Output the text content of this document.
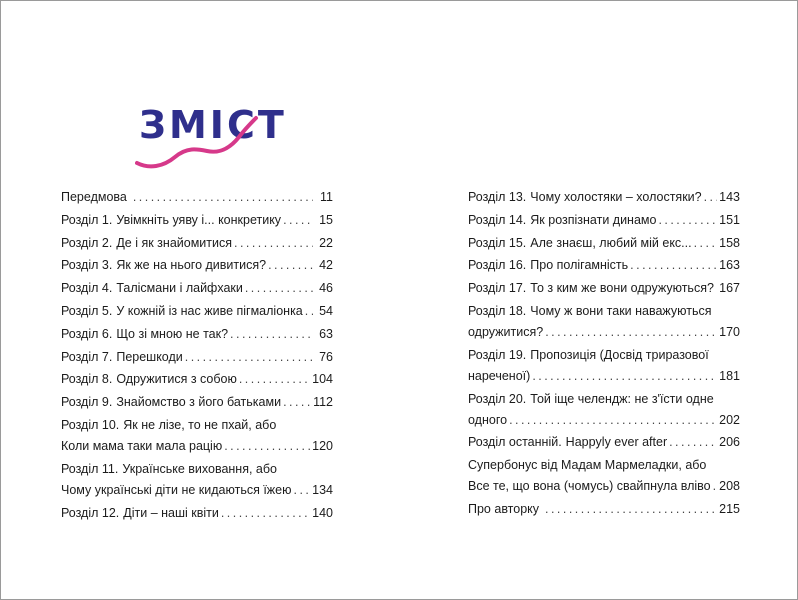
ЗМІСТ
Передмова . . .	11
Розділ 1. Увімкніть уяву і... конкретику . . .	15
Розділ 2. Де і як знайомитися . . .	22
Розділ 3. Як же на нього дивитися? . . .	42
Розділ 4. Талісмани і лайфхаки . . .	46
Розділ 5. У кожній із нас живе пігмаліонка . . .	54
Розділ 6. Що зі мною не так? . . .	63
Розділ 7. Перешкоди . . .	76
Розділ 8. Одружитися з собою . . .	104
Розділ 9. Знайомство з його батьками . . .	112
Розділ 10. Як не лізе, то не пхай, або
Коли мама таки мала рацію . . .	120
Розділ 11. Українське виховання, або
Чому українські діти не кидаються їжею . . . 134
Розділ 12. Діти – наші квіти . . .	140
Розділ 13. Чому холостяки – холостяки? . . . 143
Розділ 14. Як розпізнати динамо . . .	151
Розділ 15. Але знаєш, любий мій екс... . . . 158
Розділ 16. Про полігамність . . .	163
Розділ 17. То з ким же вони одружуються? . . . 167
Розділ 18. Чому ж вони таки наважуються
одружитися? . . .	170
Розділ 19. Пропозиція (Досвід триразової
нареченої) . . .	181
Розділ 20. Той іще челендж: не з'їсти одне
одного . . .	202
Розділ останній. Happyly ever after . . .	206
Супербонус від Мадам Мармеладки, або
Все те, що вона (чомусь) свайпнула вліво . . . 208
Про авторку . . .	215
